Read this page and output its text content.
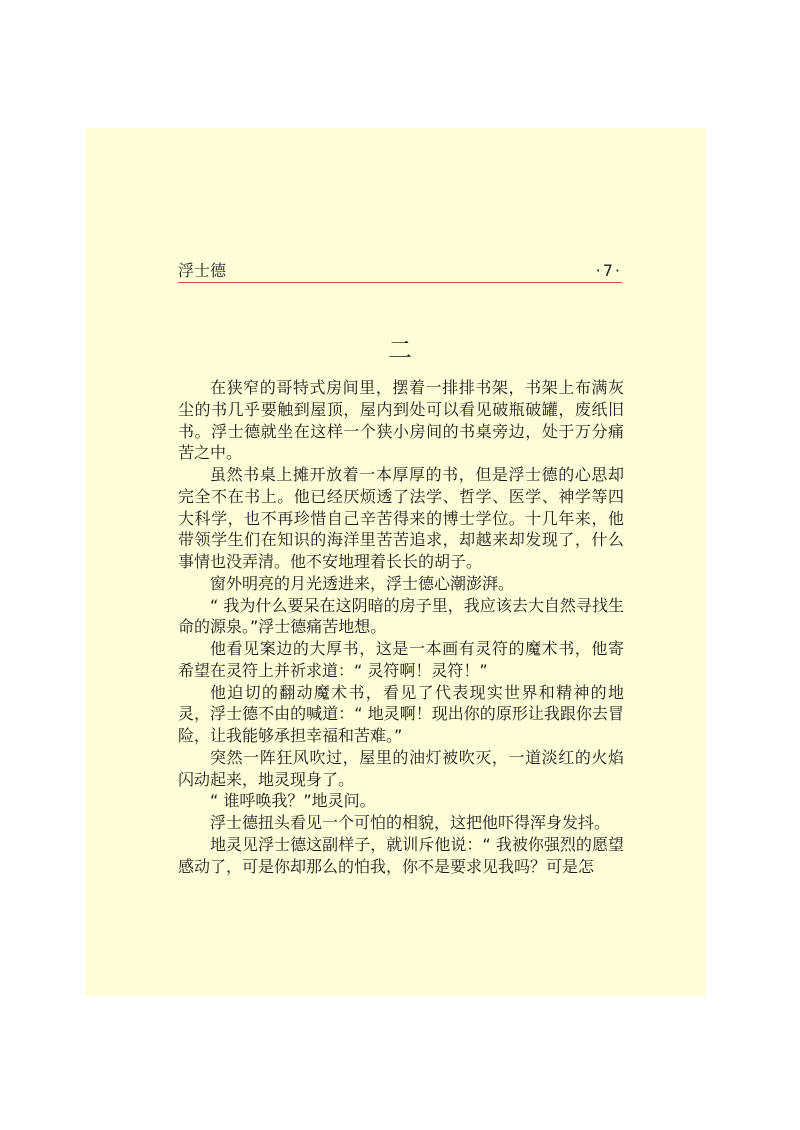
浮士德	·7·
二

在狭窄的哥特式房间里，摆着一排排书架，书架上布满灰尘的书几乎要触到屋顶，屋内到处可以看见破瓶破罐，废纸旧书。浮士德就坐在这样一个狭小房间的书桌旁边，处于万分痛苦之中。

虽然书桌上摊开放着一本厚厚的书，但是浮士德的心思却完全不在书上。他已经厌烦透了法学、哲学、医学、神学等四大科学，也不再珍惜自己辛苦得来的博士学位。十几年来，他带领学生们在知识的海洋里苦苦追求，却越来却发现了，什么事情也没弄清。他不安地理着长长的胡子。

窗外明亮的月光透进来，浮士德心潮澎湃。

“ 我为什么要呆在这阴暗的房子里，我应该去大自然寻找生命的源泉。”浮士德痛苦地想。

他看见案边的大厚书，这是一本画有灵符的魔术书，他寄希望在灵符上并祈求道：“ 灵符啊！灵符！”

他迫切的翻动魔术书，看见了代表现实世界和精神的地灵，浮士德不由的喊道：“ 地灵啊！现出你的原形让我跟你去冒险，让我能够承担幸福和苦难。”

突然一阵狂风吹过，屋里的油灯被吹灭，一道淡红的火焰闪动起来，地灵现身了。

“ 谁呼唤我？”地灵问。

浮士德扭头看见一个可怕的相貌，这把他吓得浑身发抖。

地灵见浮士德这副样子，就训斥他说：“ 我被你强烈的愿望感动了，可是你却那么的怕我，你不是要求见我吗？可是怎
